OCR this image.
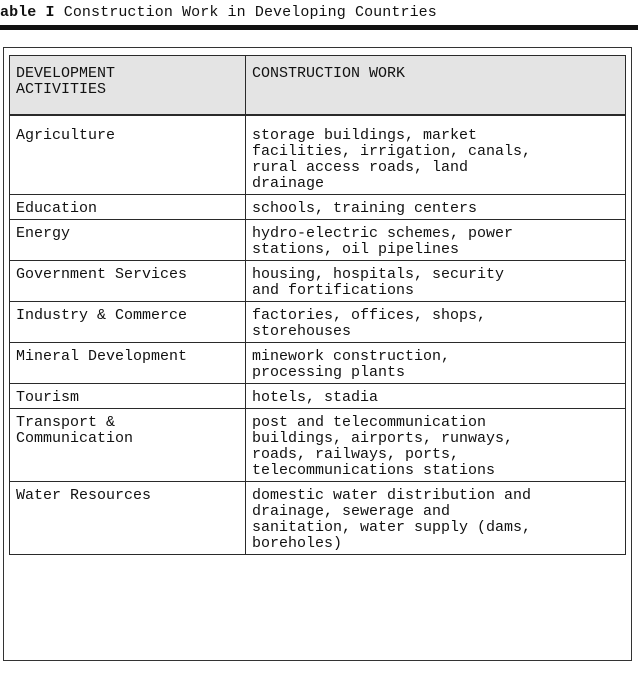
able I Construction Work in Developing Countries
DEVELOPMENT
ACTIVITIES	CONSTRUCTION WORK
Agriculture	storage buildings, market
facilities, irrigation, canals,
rural access roads, land
drainage
Education	schools, training centers
Energy	hydro-electric schemes, power
stations, oil pipelines
Government Services	housing, hospitals, security
and fortifications
Industry & Commerce	factories, offices, shops,
storehouses
Mineral Development	minework construction,
processing plants
Tourism	hotels, stadia
Transport &
Communication	post and telecommunication
buildings, airports, runways,
roads, railways, ports,
telecommunications stations
Water Resources	domestic water distribution and
drainage, sewerage and
sanitation, water supply (dams,
boreholes)
